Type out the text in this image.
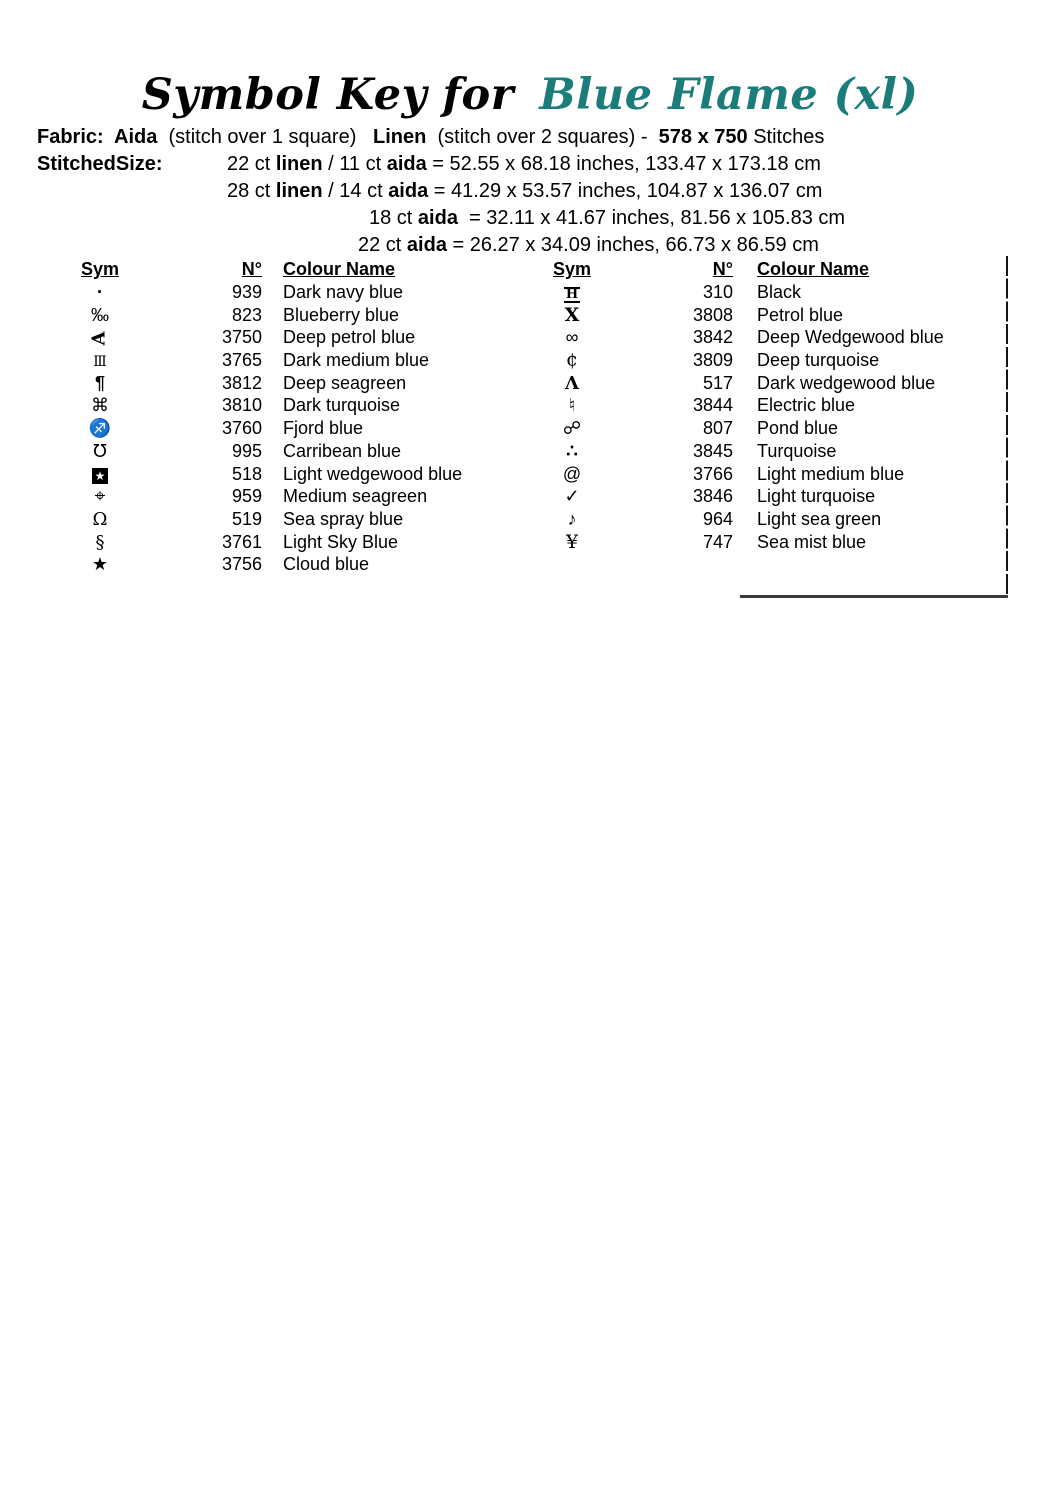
Symbol Key for Blue Flame (xl)
Fabric:  Aida  (stitch over 1 square)   Linen  (stitch over 2 squares) -  578 x 750 Stitches
StitchedSize:	22 ct linen / 11 ct aida = 52.55 x 68.18 inches, 133.47 x 173.18 cm
28 ct linen / 14 ct aida = 41.29 x 53.57 inches, 104.87 x 136.07 cm
18 ct aida  = 32.11 x 41.67 inches, 81.56 x 105.83 cm
22 ct aida = 26.27 x 34.09 inches, 66.73 x 86.59 cm
Sym	N° Colour Name
·	939 Dark navy blue
‰	823 Blueberry blue
A	3750 Deep petrol blue
Ⅲ	3765 Dark medium blue
¶	3812 Deep seagreen
⌘	3810 Dark turquoise
♐	3760 Fjord blue
℧	995 Carribean blue
★	518 Light wedgewood blue
⌖	959 Medium seagreen
Ω	519 Sea spray blue
§	3761 Light Sky Blue
★	3756 Cloud blue
Sym	N° Colour Name
H	310 Black
X	3808 Petrol blue
∞	3842 Deep Wedgewood blue
¢	3809 Deep turquoise
Λ	517 Dark wedgewood blue
♮	3844 Electric blue
☍	807 Pond blue
∴	3845 Turquoise
@	3766 Light medium blue
✓	3846 Light turquoise
♪	964 Light sea green
¥	747 Sea mist blue
